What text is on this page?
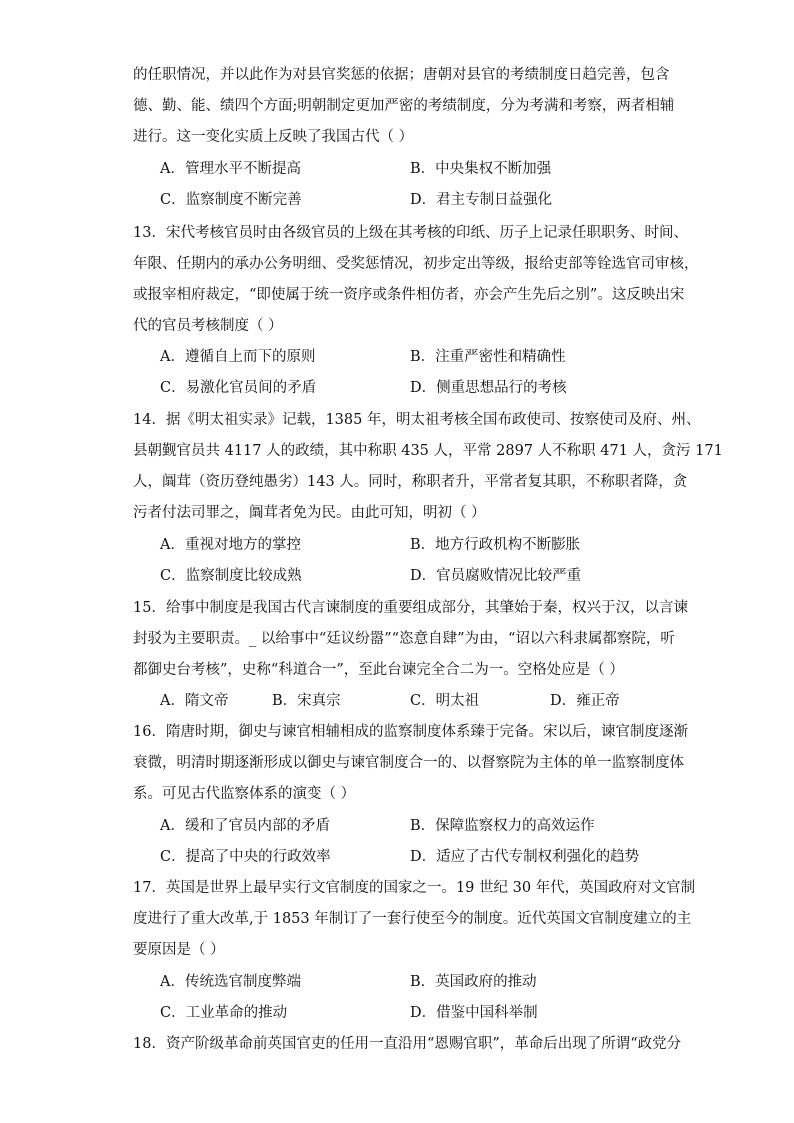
的任职情况，并以此作为对县官奖惩的依据；唐朝对县官的考绩制度日趋完善，包含
德、勤、能、绩四个方面;明朝制定更加严密的考绩制度，分为考满和考察，两者相辅
进行。这一变化实质上反映了我国古代（ ）
A．管理水平不断提高	B．中央集权不断加强
C．监察制度不断完善	D．君主专制日益强化
13．宋代考核官员时由各级官员的上级在其考核的印纸、历子上记录任职职务、时间、
年限、任期内的承办公务明细、受奖惩情况，初步定出等级，报给吏部等铨选官司审核，
或报宰相府裁定，“即使属于统一资序或条件相仿者，亦会产生先后之别”。这反映出宋
代的官员考核制度（ ）
A．遵循自上而下的原则	B．注重严密性和精确性
C．易激化官员间的矛盾	D．侧重思想品行的考核
14．据《明太祖实录》记载，1385 年，明太祖考核全国布政使司、按察使司及府、州、
县朝觐官员共 4117 人的政绩，其中称职 435 人，平常 2897 人不称职 471 人，贪污 171
人，阘茸（资历登纯愚劣）143 人。同时，称职者升，平常者复其职，不称职者降，贪
污者付法司罪之，阘茸者免为民。由此可知，明初（ ）
A．重视对地方的掌控	B．地方行政机构不断膨胀
C．监察制度比较成熟	D．官员腐败情况比较严重
15．给事中制度是我国古代言谏制度的重要组成部分，其肇始于秦，权兴于汉，以言谏
封驳为主要职责。_ 以给事中“廷议纷嚣”“恣意自肆”为由，“诏以六科隶属都察院，听
都御史台考核”，史称“科道合一”，至此台谏完全合二为一。空格处应是（ ）
A．隋文帝	B．宋真宗	C．明太祖	D．雍正帝
16．隋唐时期，御史与谏官相辅相成的监察制度体系臻于完备。宋以后，谏官制度逐渐
衰微，明清时期逐渐形成以御史与谏官制度合一的、以督察院为主体的单一监察制度体
系。可见古代监察体系的演变（ ）
A．缓和了官员内部的矛盾	B．保障监察权力的高效运作
C．提高了中央的行政效率	D．适应了古代专制权利强化的趋势
17．英国是世界上最早实行文官制度的国家之一。19 世纪 30 年代，英国政府对文官制
度进行了重大改革,于 1853 年制订了一套行使至今的制度。近代英国文官制度建立的主
要原因是（ ）
A．传统选官制度弊端	B．英国政府的推动
C．工业革命的推动	D．借鉴中国科举制
18．资产阶级革命前英国官吏的任用一直沿用“恩赐官职”，革命后出现了所谓“政党分
